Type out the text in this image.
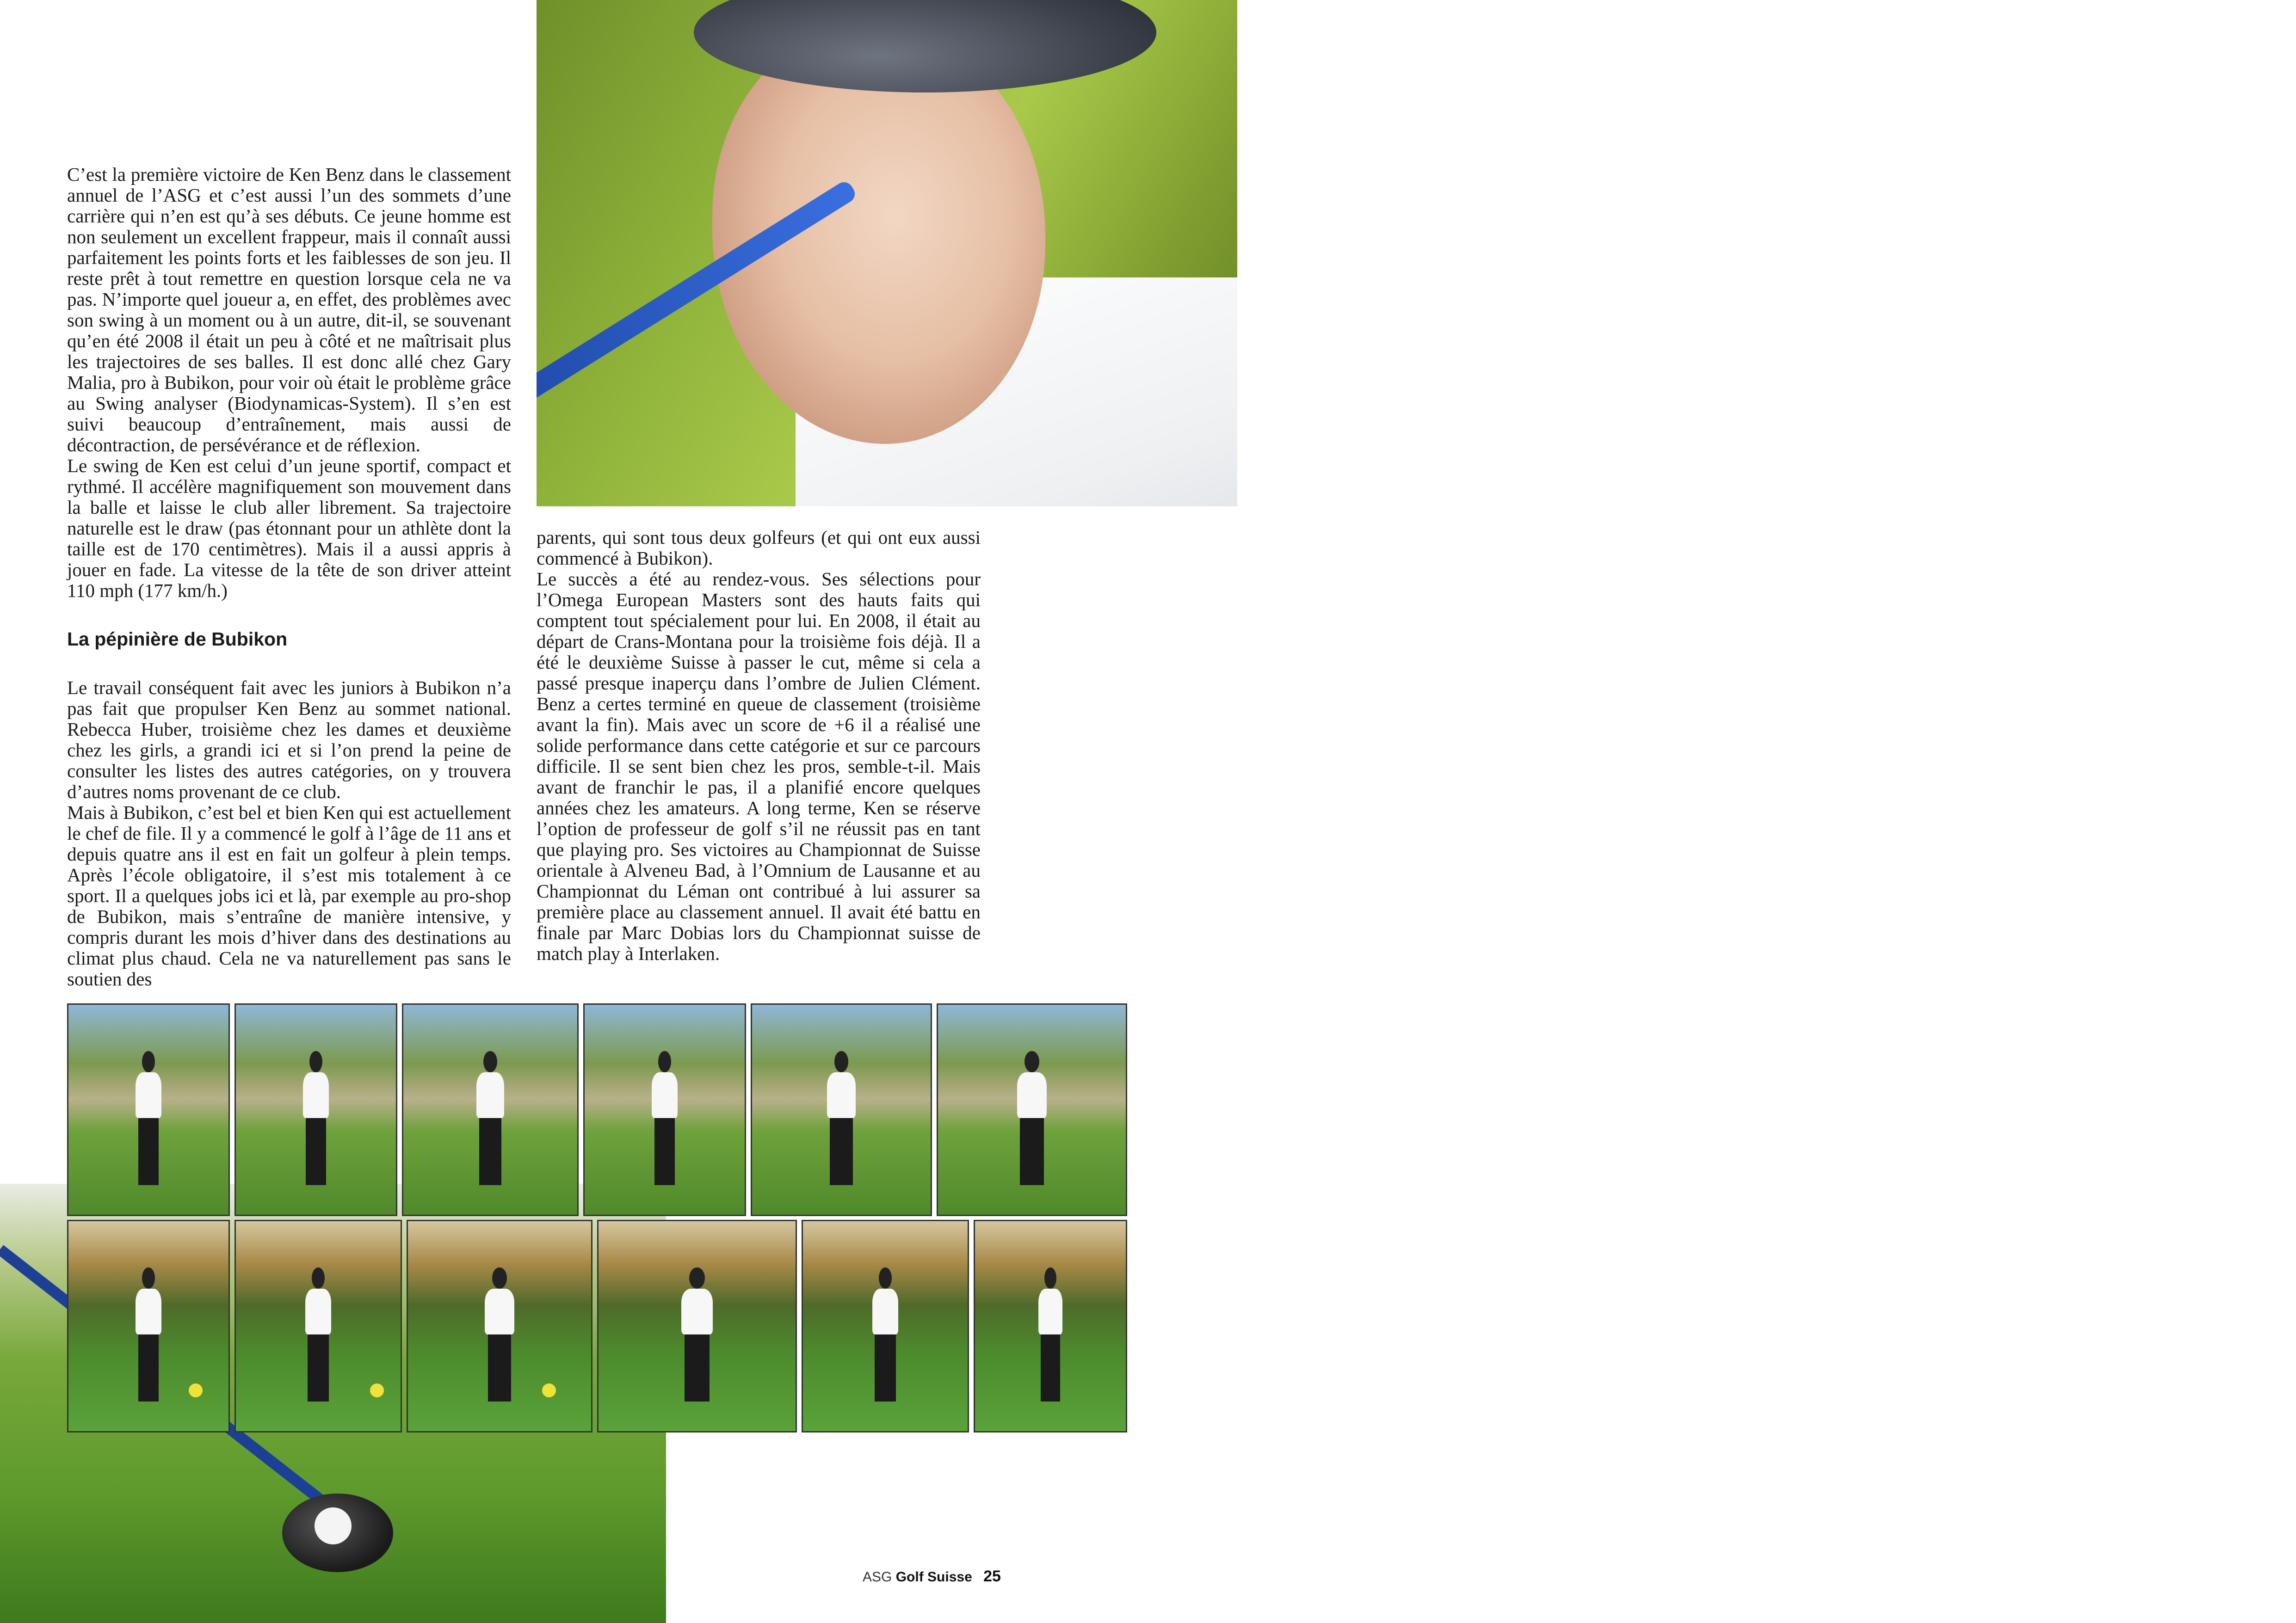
C’est la première victoire de Ken Benz dans le classement annuel de l’ASG et c’est aussi l’un des sommets d’une carrière qui n’en est qu’à ses débuts. Ce jeune homme est non seulement un excellent frappeur, mais il connaît aussi parfaitement les points forts et les faiblesses de son jeu. Il reste prêt à tout remettre en question lorsque cela ne va pas. N’importe quel joueur a, en effet, des problèmes avec son swing à un moment ou à un autre, dit-il, se souvenant qu’en été 2008 il était un peu à côté et ne maîtrisait plus les trajectoires de ses balles. Il est donc allé chez Gary Malia, pro à Bubikon, pour voir où était le problème grâce au Swing analyser (Biodynamicas-System). Il s’en est suivi beaucoup d’entraînement, mais aussi de décontraction, de persévérance et de réflexion.

Le swing de Ken est celui d’un jeune sportif, compact et rythmé. Il accélère magnifiquement son mouvement dans la balle et laisse le club aller librement. Sa trajectoire naturelle est le draw (pas étonnant pour un athlète dont la taille est de 170 centimètres). Mais il a aussi appris à jouer en fade. La vitesse de la tête de son driver atteint 110 mph (177 km/h.)

La pépinière de Bubikon

Le travail conséquent fait avec les juniors à Bubikon n’a pas fait que propulser Ken Benz au sommet national. Rebecca Huber, troisième chez les dames et deuxième chez les girls, a grandi ici et si l’on prend la peine de consulter les listes des autres catégories, on y trouvera d’autres noms provenant de ce club.

Mais à Bubikon, c’est bel et bien Ken qui est actuellement le chef de file. Il y a commencé le golf à l’âge de 11 ans et depuis quatre ans il est en fait un golfeur à plein temps. Après l’école obligatoire, il s’est mis totalement à ce sport. Il a quelques jobs ici et là, par exemple au pro-shop de Bubikon, mais s’entraîne de manière intensive, y compris durant les mois d’hiver dans des destinations au climat plus chaud. Cela ne va naturellement pas sans le soutien des

parents, qui sont tous deux golfeurs (et qui ont eux aussi commencé à Bubikon).

Le succès a été au rendez-vous. Ses sélections pour l’Omega European Masters sont des hauts faits qui comptent tout spécialement pour lui. En 2008, il était au départ de Crans-Montana pour la troisième fois déjà. Il a été le deuxième Suisse à passer le cut, même si cela a passé presque inaperçu dans l’ombre de Julien Clément. Benz a certes terminé en queue de classement (troisième avant la fin). Mais avec un score de +6 il a réalisé une solide performance dans cette catégorie et sur ce parcours difficile. Il se sent bien chez les pros, semble-t-il. Mais avant de franchir le pas, il a planifié encore quelques années chez les amateurs. A long terme, Ken se réserve l’option de professeur de golf s’il ne réussit pas en tant que playing pro. Ses victoires au Championnat de Suisse orientale à Alveneu Bad, à l’Omnium de Lausanne et au Championnat du Léman ont contribué à lui assurer sa première place au classement annuel. Il avait été battu en finale par Marc Dobias lors du Championnat suisse de match play à Interlaken.

ASG Golf Suisse 25
